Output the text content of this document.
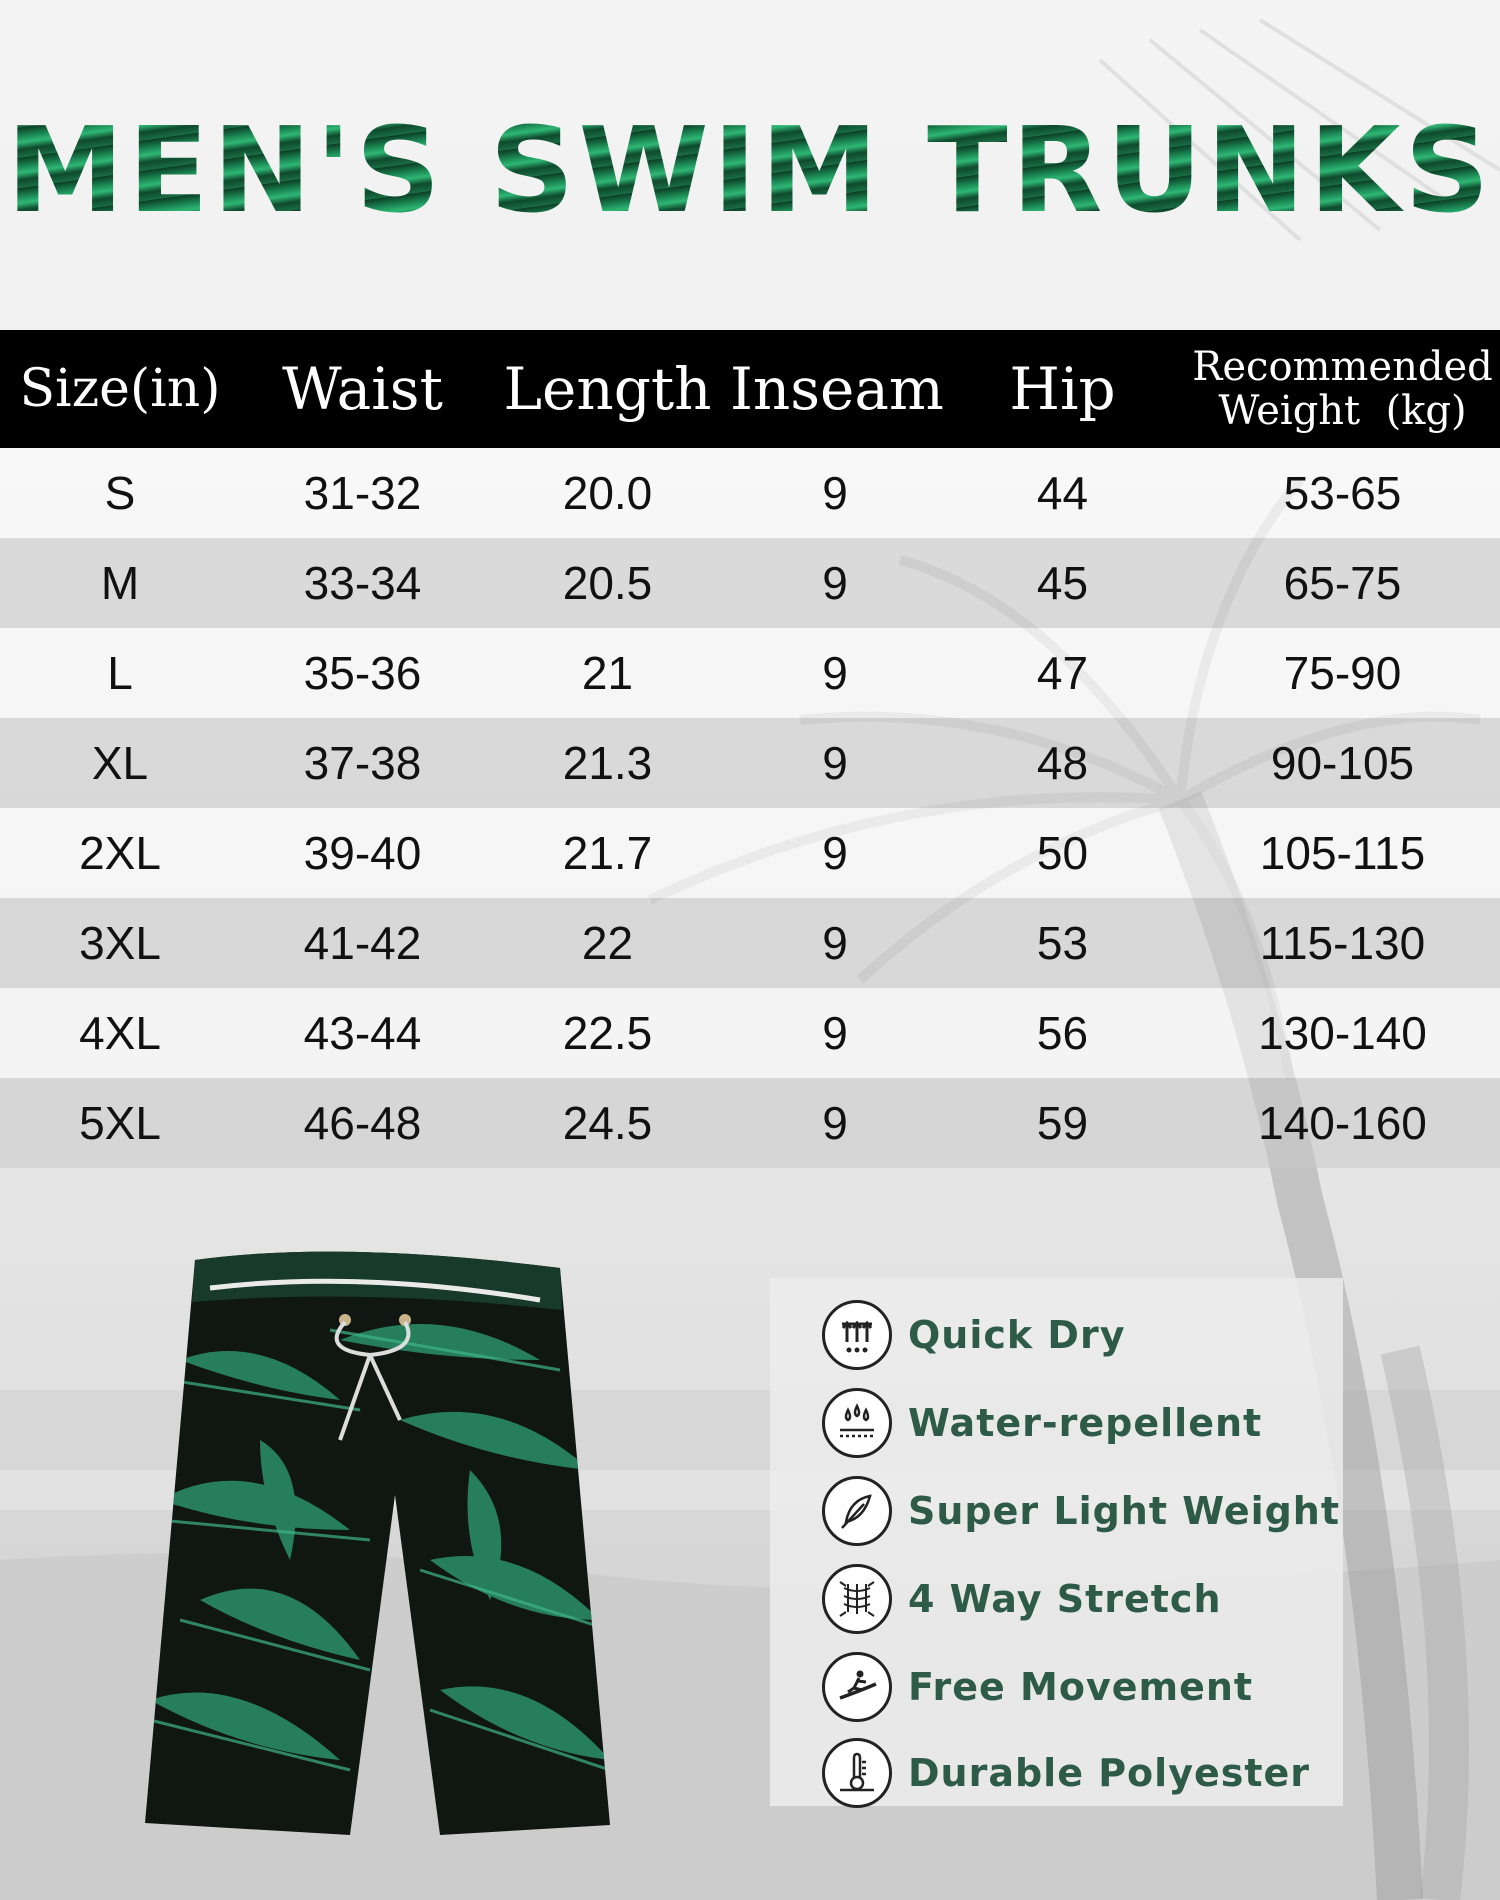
MEN'S SWIM TRUNKS
Size(in)	Waist	Length	Inseam	Hip	Recommended
Weight  (kg)

S	31-32	20.0	9	44	53-65
M	33-34	20.5	9	45	65-75
L	35-36	21	9	47	75-90
XL	37-38	21.3	9	48	90-105
2XL	39-40	21.7	9	50	105-115
3XL	41-42	22	9	53	115-130
4XL	43-44	22.5	9	56	130-140
5XL	46-48	24.5	9	59	140-160
Quick Dry
Water-repellent
Super Light Weight
4 Way Stretch
Free Movement
Durable Polyester
